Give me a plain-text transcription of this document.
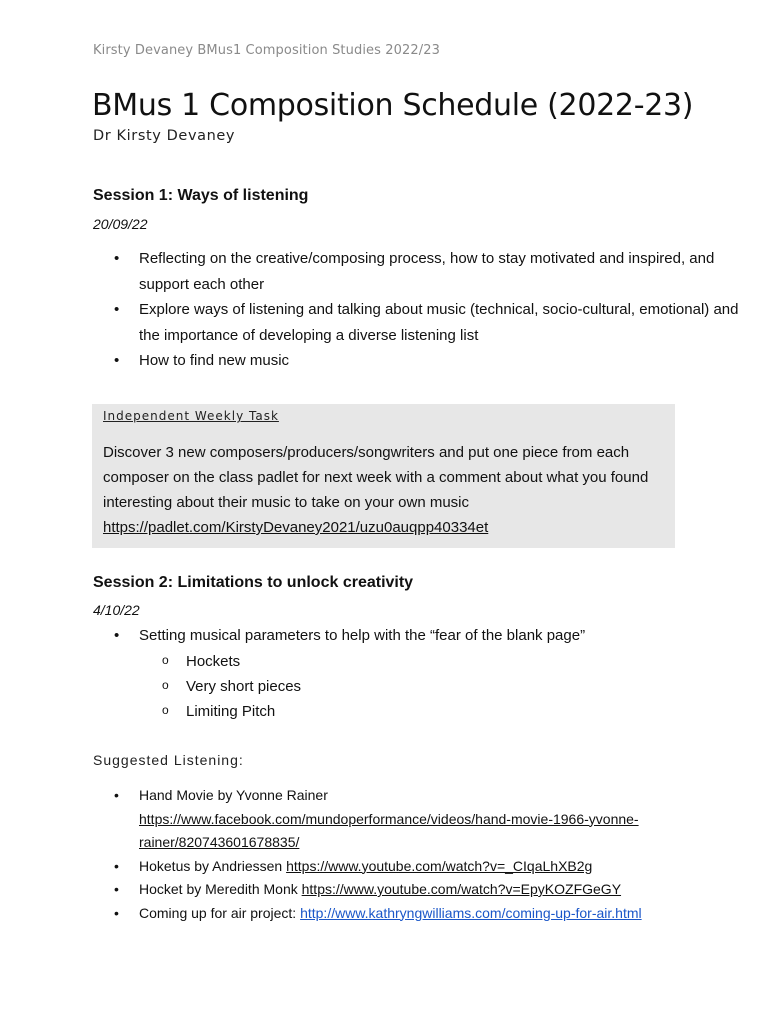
Kirsty Devaney BMus1 Composition Studies 2022/23
BMus 1 Composition Schedule (2022-23)
Dr Kirsty Devaney
Session 1: Ways of listening
20/09/22
• Reflecting on the creative/composing process, how to stay motivated and inspired, and support each other
• Explore ways of listening and talking about music (technical, socio-cultural, emotional) and the importance of developing a diverse listening list
• How to find new music
Independent Weekly Task
Discover 3 new composers/producers/songwriters and put one piece from each composer on the class padlet for next week with a comment about what you found interesting about their music to take on your own music
https://padlet.com/KirstyDevaney2021/uzu0auqpp40334et
Session 2: Limitations to unlock creativity
4/10/22
• Setting musical parameters to help with the “fear of the blank page”
o Hockets
o Very short pieces
o Limiting Pitch
Suggested Listening:
• Hand Movie by Yvonne Rainer
https://www.facebook.com/mundoperformance/videos/hand-movie-1966-yvonne-rainer/820743601678835/
• Hoketus by Andriessen https://www.youtube.com/watch?v=_CIqaLhXB2g
• Hocket by Meredith Monk https://www.youtube.com/watch?v=EpyKOZFGeGY
• Coming up for air project: http://www.kathryngwilliams.com/coming-up-for-air.html
